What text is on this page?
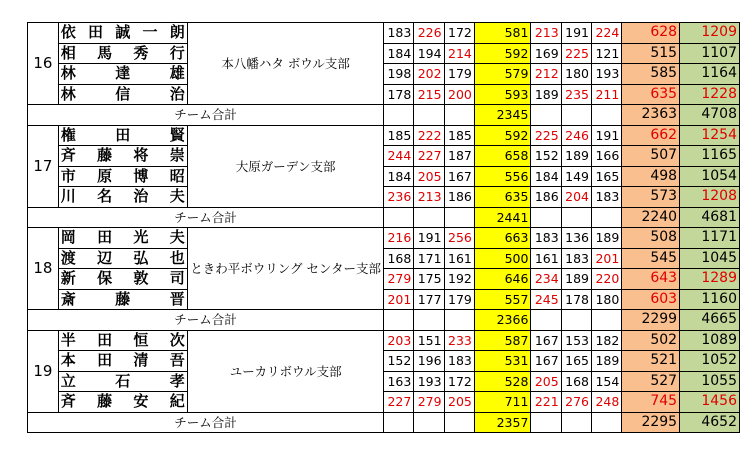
16	依田誠一朗	本八幡ハタ ボウル支部	183	226	172	581	213	191	224	628	1209
	相馬秀行		184	194	214	592	169	225	121	515	1107
	林達雄		198	202	179	579	212	180	193	585	1164
	林信治		178	215	200	593	189	235	211	635	1228
チーム合計						2345				2363	4708
17	権田賢	大原ガーデン支部	185	222	185	592	225	246	191	662	1254
	斉藤将崇		244	227	187	658	152	189	166	507	1165
	市原博昭		184	205	167	556	184	149	165	498	1054
	川名治夫		236	213	186	635	186	204	183	573	1208
チーム合計						2441				2240	4681
18	岡田光夫	ときわ平ボウリング センター支部	216	191	256	663	183	136	189	508	1171
	渡辺弘也		168	171	161	500	161	183	201	545	1045
	新保敦司		279	175	192	646	234	189	220	643	1289
	斎藤晋		201	177	179	557	245	178	180	603	1160
チーム合計						2366				2299	4665
19	半田恒次	ユーカリボウル支部	203	151	233	587	167	153	182	502	1089
	本田清吾		152	196	183	531	167	165	189	521	1052
	立石孝		163	193	172	528	205	168	154	527	1055
	斉藤安紀		227	279	205	711	221	276	248	745	1456
チーム合計						2357				2295	4652
